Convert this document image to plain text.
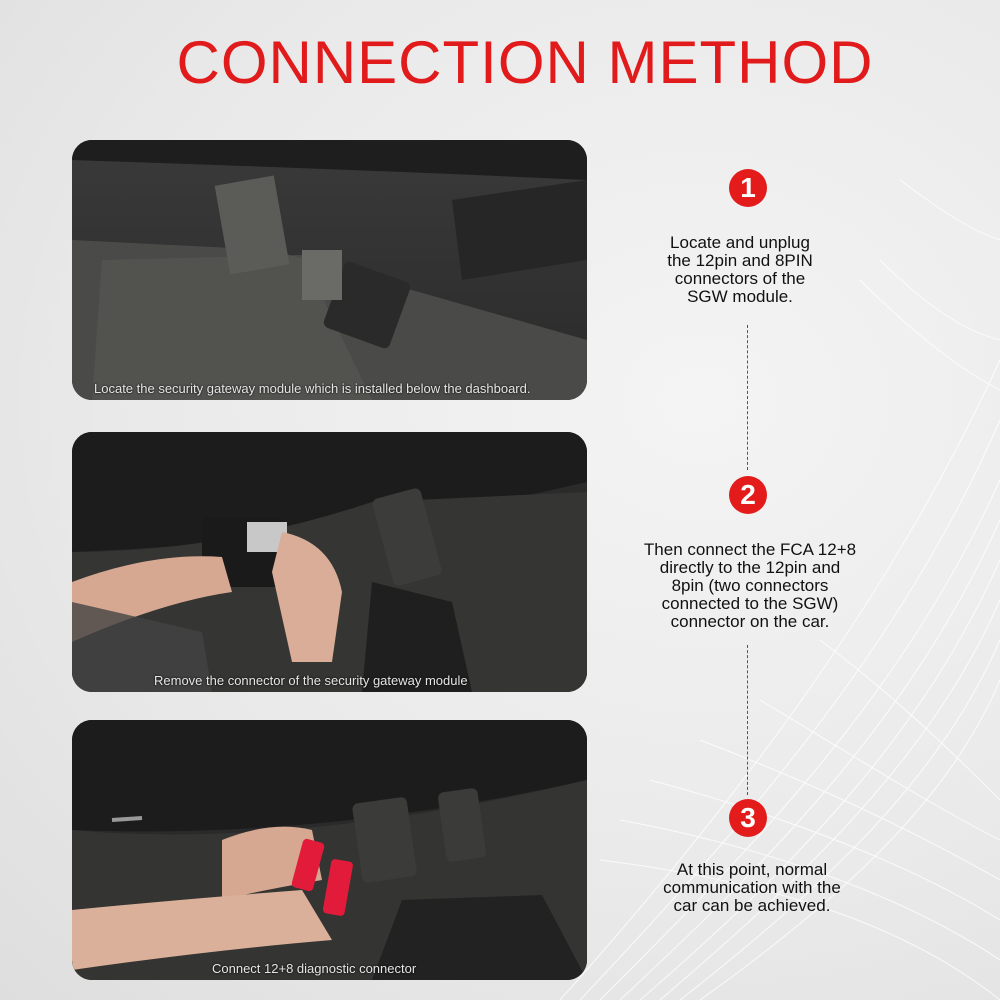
CONNECTION METHOD
Locate the security gateway module which is installed below the dashboard.
Remove the connector of the security gateway module
Connect 12+8 diagnostic connector
1
2
3
Locate and unplug
the 12pin and 8PIN
connectors of the
SGW module.
Then connect the FCA 12+8
directly to the 12pin and
8pin (two connectors
connected to the SGW)
connector on the car.
At this point, normal
communication with the
car can be achieved.
